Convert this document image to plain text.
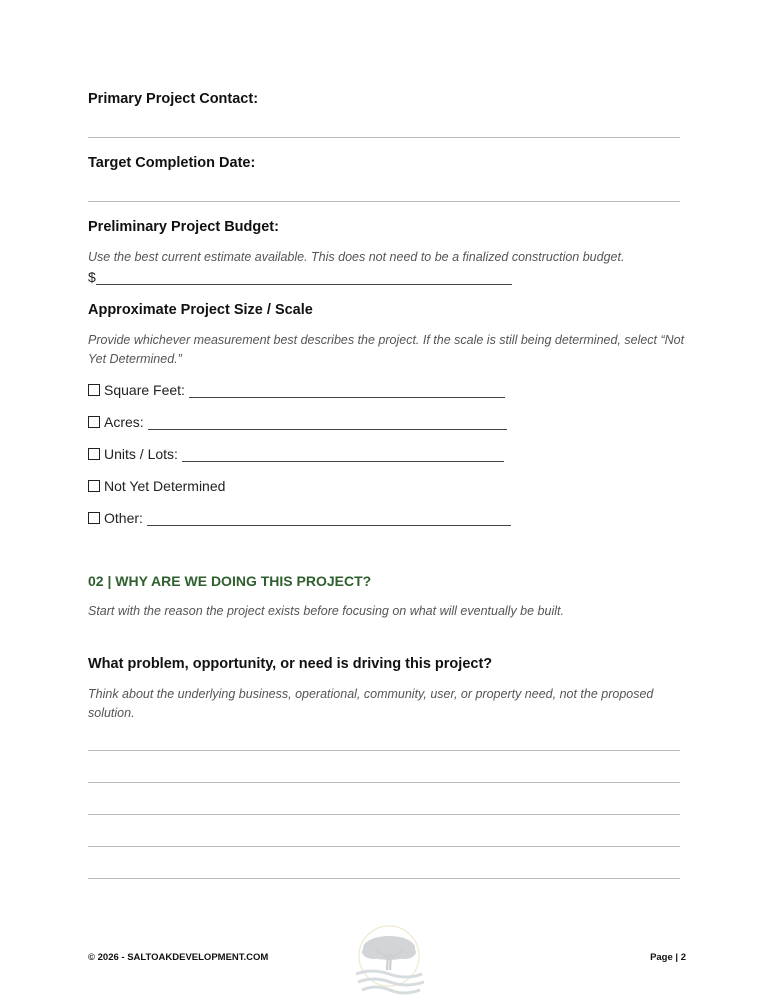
Primary Project Contact:
Target Completion Date:
Preliminary Project Budget:
Use the best current estimate available. This does not need to be a finalized construction budget.
$
Approximate Project Size / Scale
Provide whichever measurement best describes the project. If the scale is still being determined, select “Not Yet Determined.”
Square Feet:
Acres:
Units / Lots:
Not Yet Determined
Other:
02 | WHY ARE WE DOING THIS PROJECT?
Start with the reason the project exists before focusing on what will eventually be built.
What problem, opportunity, or need is driving this project?
Think about the underlying business, operational, community, user, or property need, not the proposed solution.
© 2026 - SALTOAKDEVELOPMENT.COM	Page | 2
